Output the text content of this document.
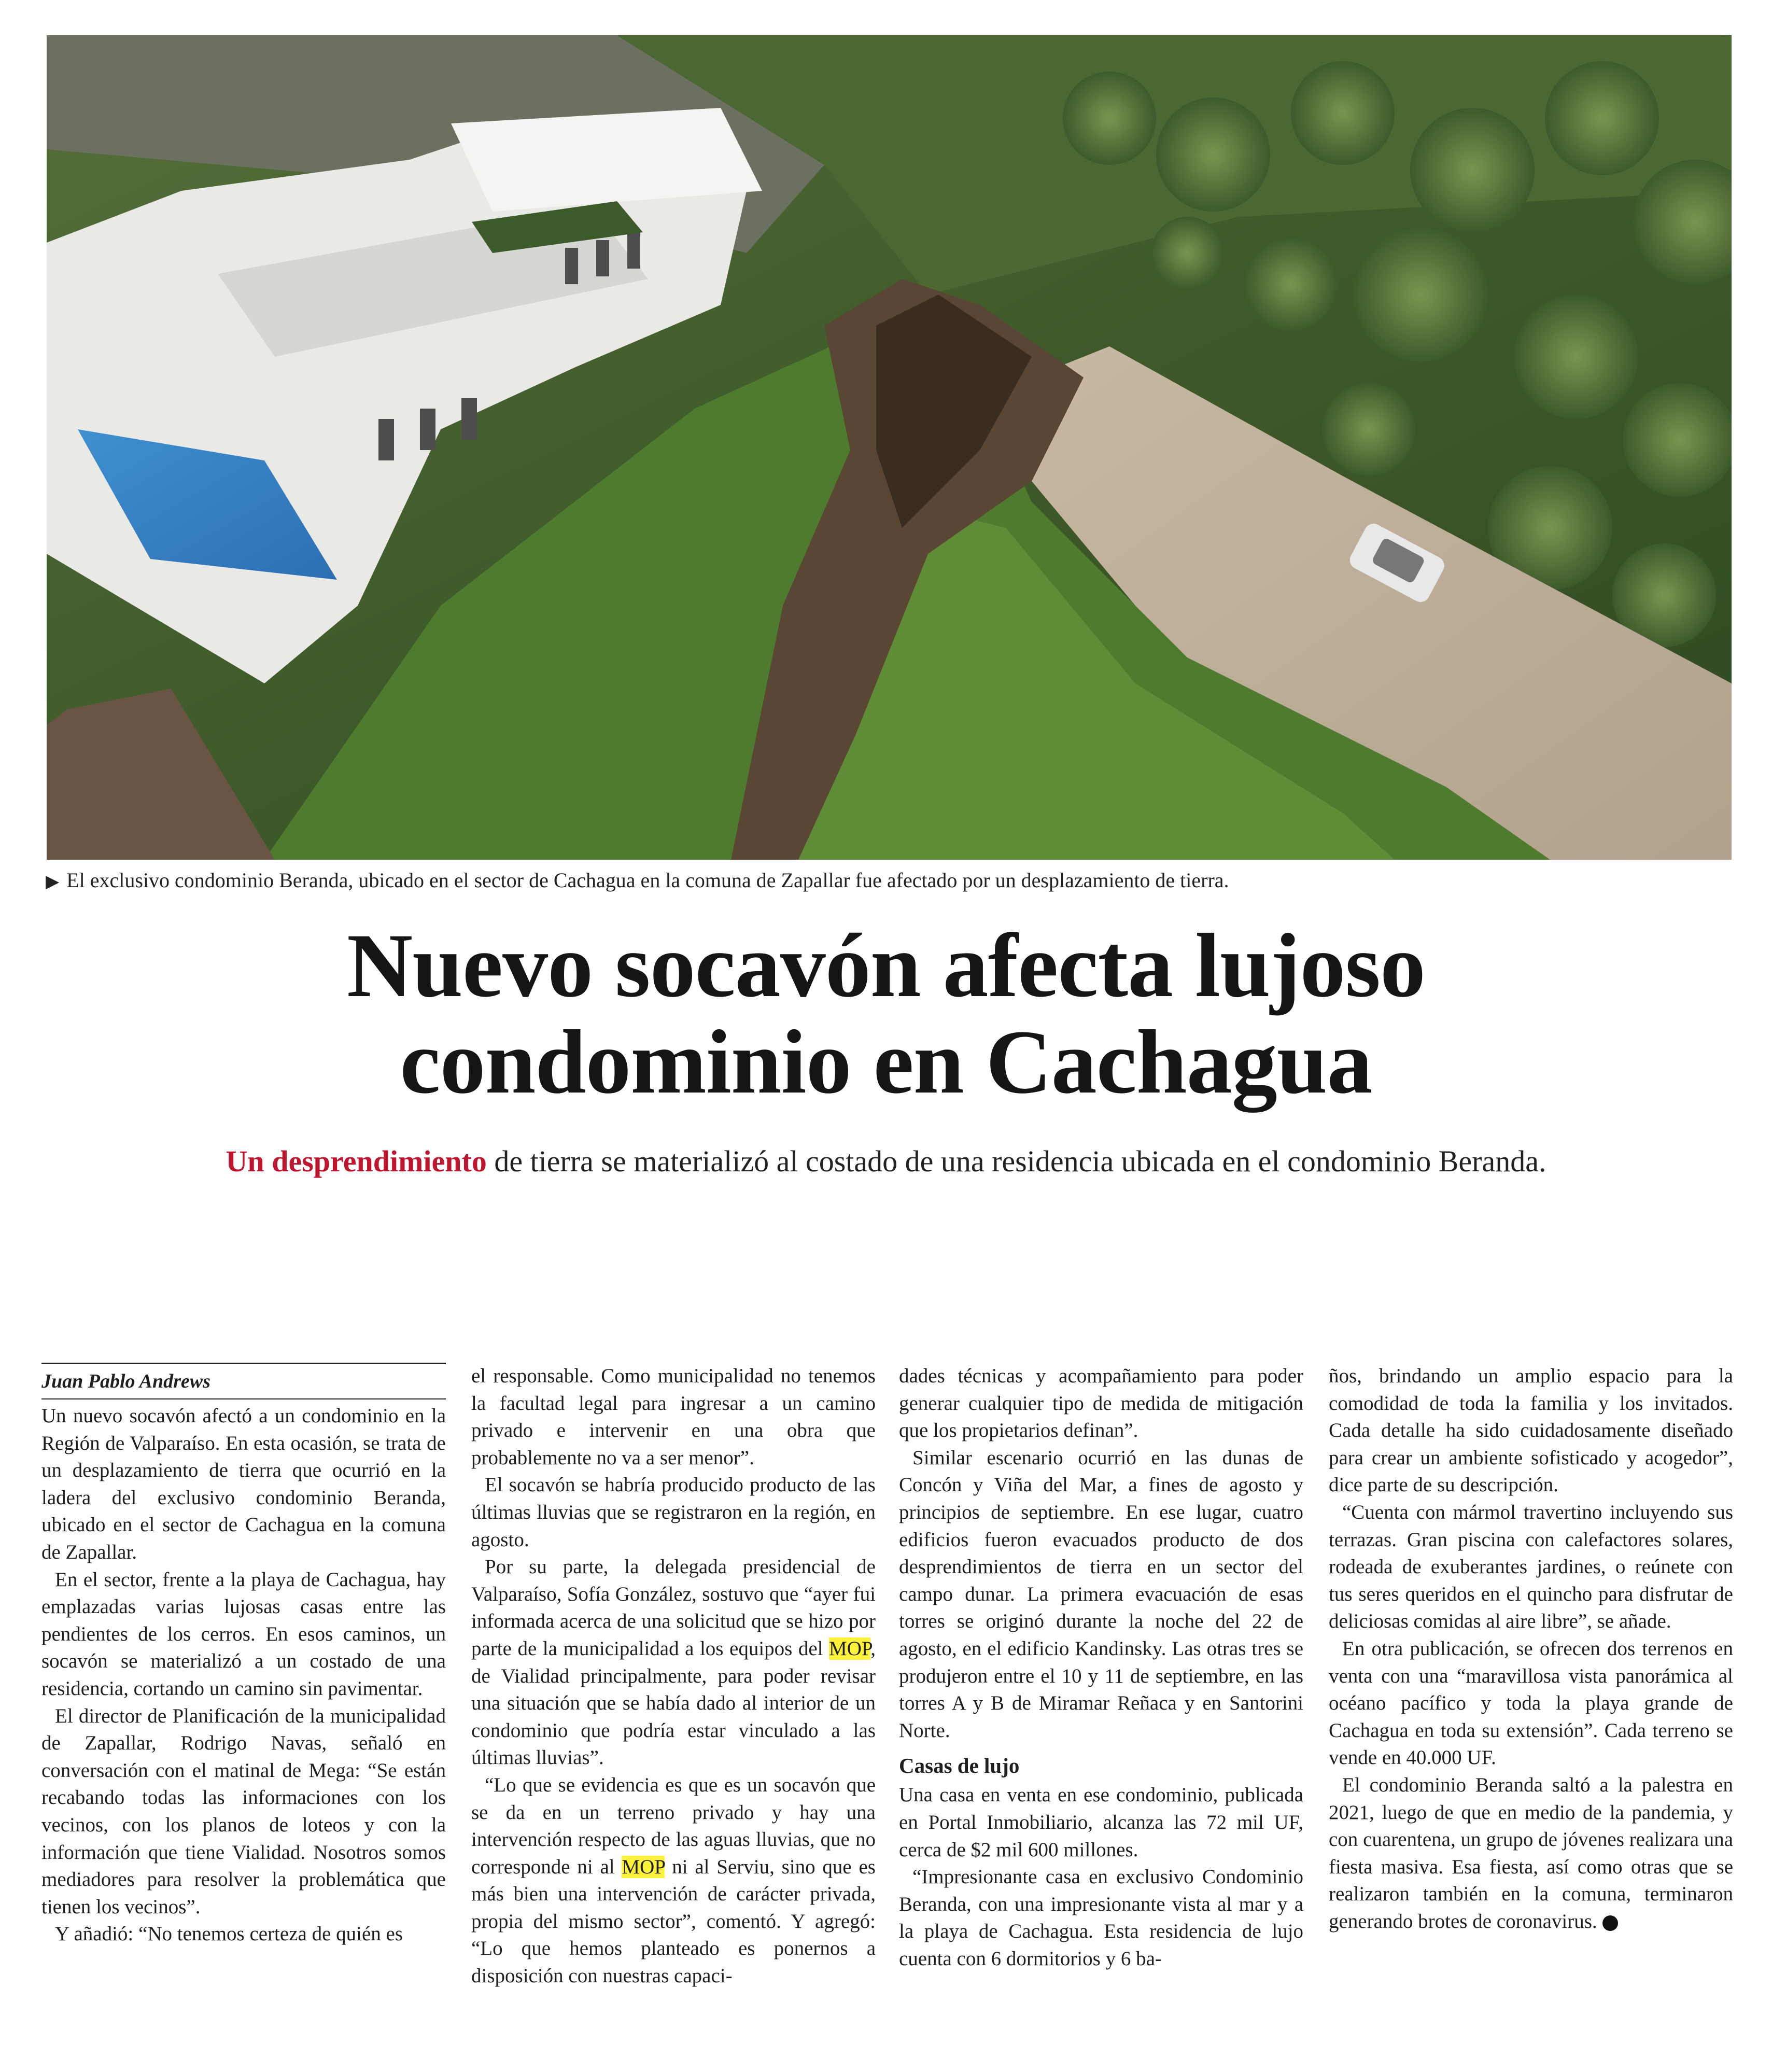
▶ El exclusivo condominio Beranda, ubicado en el sector de Cachagua en la comuna de Zapallar fue afectado por un desplazamiento de tierra.
Nuevo socavón afecta lujoso
condominio en Cachagua
Un desprendimiento de tierra se materializó al costado de una residencia ubicada en el condominio Beranda.
Juan Pablo Andrews

Un nuevo socavón afectó a un condominio en la Región de Valparaíso. En esta ocasión, se trata de un desplazamiento de tierra que ocurrió en la ladera del exclusivo condominio Beranda, ubicado en el sector de Cachagua en la comuna de Zapallar.

En el sector, frente a la playa de Cachagua, hay emplazadas varias lujosas casas entre las pendientes de los cerros. En esos caminos, un socavón se materializó a un costado de una residencia, cortando un camino sin pavimentar.

El director de Planificación de la municipalidad de Zapallar, Rodrigo Navas, señaló en conversación con el matinal de Mega: “Se están recabando todas las informaciones con los vecinos, con los planos de loteos y con la información que tiene Vialidad. Nosotros somos mediadores para resolver la problemática que tienen los vecinos”.

Y añadió: “No tenemos certeza de quién es

el responsable. Como municipalidad no tenemos la facultad legal para ingresar a un camino privado e intervenir en una obra que probablemente no va a ser menor”.

El socavón se habría producido producto de las últimas lluvias que se registraron en la región, en agosto.

Por su parte, la delegada presidencial de Valparaíso, Sofía González, sostuvo que “ayer fui informada acerca de una solicitud que se hizo por parte de la municipalidad a los equipos del MOP, de Vialidad principalmente, para poder revisar una situación que se había dado al interior de un condominio que podría estar vinculado a las últimas lluvias”.

“Lo que se evidencia es que es un socavón que se da en un terreno privado y hay una intervención respecto de las aguas lluvias, que no corresponde ni al MOP ni al Serviu, sino que es más bien una intervención de carácter privada, propia del mismo sector”, comentó. Y agregó: “Lo que hemos planteado es ponernos a disposición con nuestras capaci-

dades técnicas y acompañamiento para poder generar cualquier tipo de medida de mitigación que los propietarios definan”.

Similar escenario ocurrió en las dunas de Concón y Viña del Mar, a fines de agosto y principios de septiembre. En ese lugar, cuatro edificios fueron evacuados producto de dos desprendimientos de tierra en un sector del campo dunar. La primera evacuación de esas torres se originó durante la noche del 22 de agosto, en el edificio Kandinsky. Las otras tres se produjeron entre el 10 y 11 de septiembre, en las torres A y B de Miramar Reñaca y en Santorini Norte.

Casas de lujo

Una casa en venta en ese condominio, publicada en Portal Inmobiliario, alcanza las 72 mil UF, cerca de $2 mil 600 millones.

“Impresionante casa en exclusivo Condominio Beranda, con una impresionante vista al mar y a la playa de Cachagua. Esta residencia de lujo cuenta con 6 dormitorios y 6 ba-

ños, brindando un amplio espacio para la comodidad de toda la familia y los invitados. Cada detalle ha sido cuidadosamente diseñado para crear un ambiente sofisticado y acogedor”, dice parte de su descripción.

“Cuenta con mármol travertino incluyendo sus terrazas. Gran piscina con calefactores solares, rodeada de exuberantes jardines, o reúnete con tus seres queridos en el quincho para disfrutar de deliciosas comidas al aire libre”, se añade.

En otra publicación, se ofrecen dos terrenos en venta con una “maravillosa vista panorámica al océano pacífico y toda la playa grande de Cachagua en toda su extensión”. Cada terreno se vende en 40.000 UF.

El condominio Beranda saltó a la palestra en 2021, luego de que en medio de la pandemia, y con cuarentena, un grupo de jóvenes realizara una fiesta masiva. Esa fiesta, así como otras que se realizaron también en la comuna, terminaron generando brotes de coronavirus.
